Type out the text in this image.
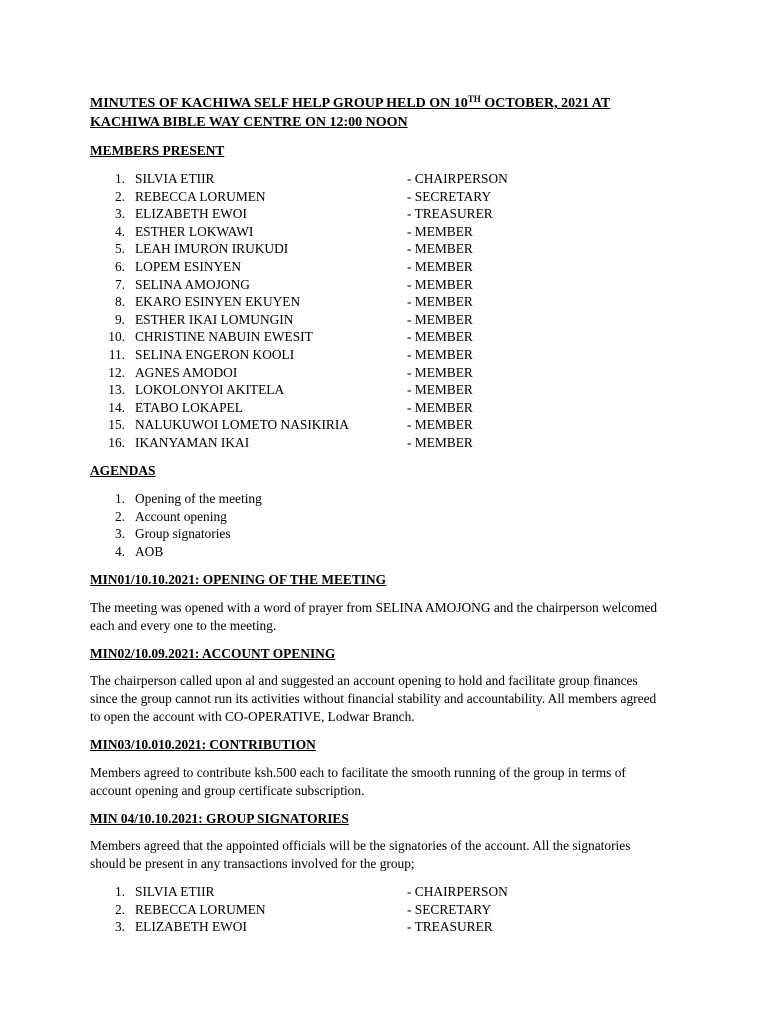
MINUTES OF KACHIWA SELF HELP GROUP HELD ON 10TH OCTOBER, 2021 AT
KACHIWA BIBLE WAY CENTRE ON 12:00 NOON
MEMBERS PRESENT
1. SILVIA ETIIR	- CHAIRPERSON
2. REBECCA LORUMEN	- SECRETARY
3. ELIZABETH EWOI	- TREASURER
4. ESTHER LOKWAWI	- MEMBER
5. LEAH IMURON IRUKUDI	- MEMBER
6. LOPEM ESINYEN	- MEMBER
7. SELINA AMOJONG	- MEMBER
8. EKARO ESINYEN EKUYEN	- MEMBER
9. ESTHER IKAI LOMUNGIN	- MEMBER
10. CHRISTINE NABUIN EWESIT	- MEMBER
11. SELINA ENGERON KOOLI	- MEMBER
12. AGNES AMODOI	- MEMBER
13. LOKOLONYOI AKITELA	- MEMBER
14. ETABO LOKAPEL	- MEMBER
15. NALUKUWOI LOMETO NASIKIRIA	- MEMBER
16. IKANYAMAN IKAI	- MEMBER
AGENDAS
1. Opening of the meeting
2. Account opening
3. Group signatories
4. AOB
MIN01/10.10.2021: OPENING OF THE MEETING
The meeting was opened with a word of prayer from SELINA AMOJONG and the chairperson welcomed
each and every one to the meeting.
MIN02/10.09.2021: ACCOUNT OPENING
The chairperson called upon al and suggested an account opening to hold and facilitate group finances
since the group cannot run its activities without financial stability and accountability. All members agreed
to open the account with CO-OPERATIVE, Lodwar Branch.
MIN03/10.010.2021: CONTRIBUTION
Members agreed to contribute ksh.500 each to facilitate the smooth running of the group in terms of
account opening and group certificate subscription.
MIN 04/10.10.2021: GROUP SIGNATORIES
Members agreed that the appointed officials will be the signatories of the account. All the signatories
should be present in any transactions involved for the group;
1. SILVIA ETIIR	- CHAIRPERSON
2. REBECCA LORUMEN	- SECRETARY
3. ELIZABETH EWOI	- TREASURER
